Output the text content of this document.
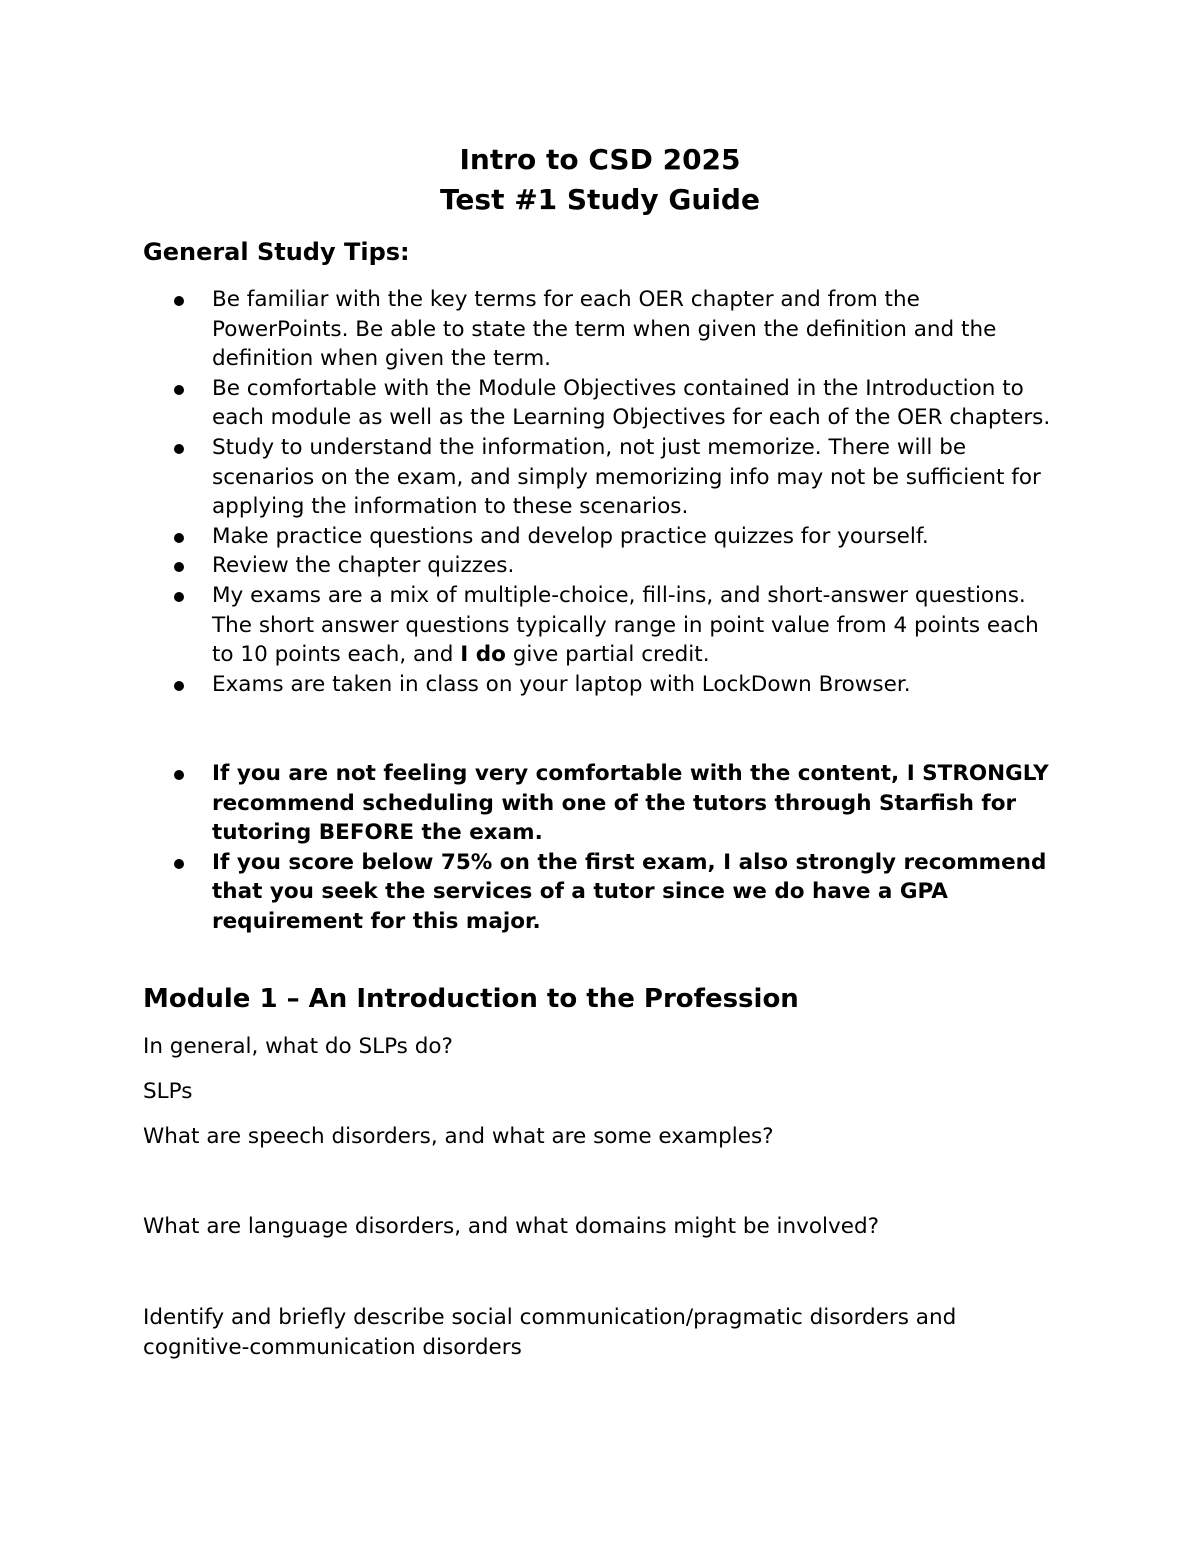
Intro to CSD 2025
Test #1 Study Guide
General Study Tips:
Be familiar with the key terms for each OER chapter and from the PowerPoints. Be able to state the term when given the definition and the definition when given the term.
Be comfortable with the Module Objectives contained in the Introduction to each module as well as the Learning Objectives for each of the OER chapters.
Study to understand the information, not just memorize. There will be scenarios on the exam, and simply memorizing info may not be sufficient for applying the information to these scenarios.
Make practice questions and develop practice quizzes for yourself.
Review the chapter quizzes.
My exams are a mix of multiple-choice, fill-ins, and short-answer questions. The short answer questions typically range in point value from 4 points each to 10 points each, and I do give partial credit.
Exams are taken in class on your laptop with LockDown Browser.
If you are not feeling very comfortable with the content, I STRONGLY recommend scheduling with one of the tutors through Starfish for tutoring BEFORE the exam.
If you score below 75% on the first exam, I also strongly recommend that you seek the services of a tutor since we do have a GPA requirement for this major.
Module 1 – An Introduction to the Profession

In general, what do SLPs do?

SLPs

What are speech disorders, and what are some examples?

What are language disorders, and what domains might be involved?

Identify and briefly describe social communication/pragmatic disorders and cognitive-communication disorders
